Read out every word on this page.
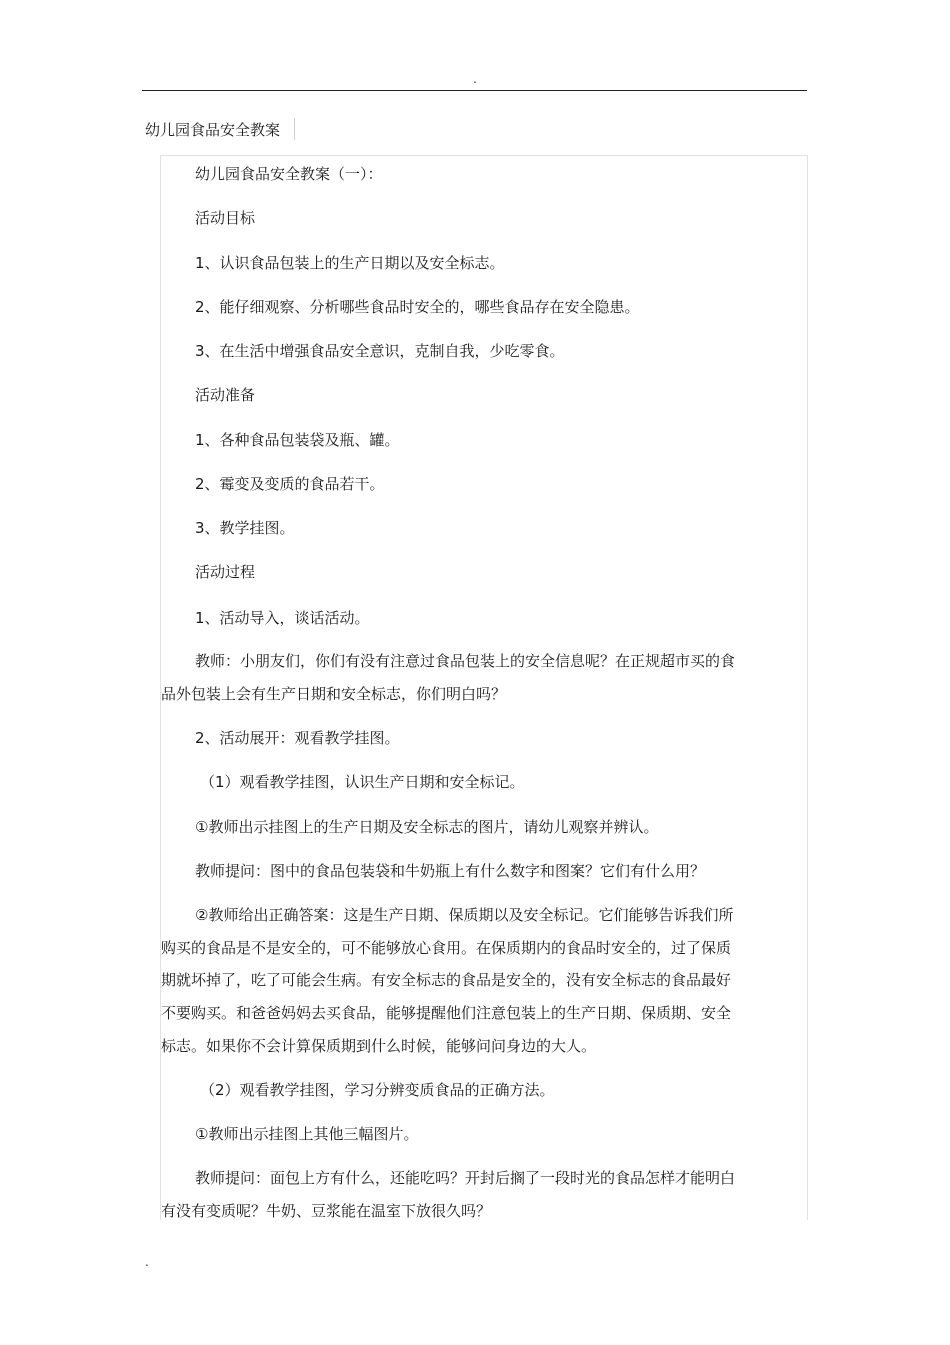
.
幼儿园食品安全教案
幼儿园食品安全教案（一）：
活动目标
1、认识食品包装上的生产日期以及安全标志。
2、能仔细观察、分析哪些食品时安全的，哪些食品存在安全隐患。
3、在生活中增强食品安全意识，克制自我，少吃零食。
活动准备
1、各种食品包装袋及瓶、罐。
2、霉变及变质的食品若干。
3、教学挂图。
活动过程
1、活动导入，谈话活动。
教师：小朋友们，你们有没有注意过食品包装上的安全信息呢？在正规超市买的食
品外包装上会有生产日期和安全标志，你们明白吗？
2、活动展开：观看教学挂图。
（1）观看教学挂图，认识生产日期和安全标记。
①教师出示挂图上的生产日期及安全标志的图片，请幼儿观察并辨认。
教师提问：图中的食品包装袋和牛奶瓶上有什么数字和图案？它们有什么用？
②教师给出正确答案：这是生产日期、保质期以及安全标记。它们能够告诉我们所
购买的食品是不是安全的，可不能够放心食用。在保质期内的食品时安全的，过了保质
期就坏掉了，吃了可能会生病。有安全标志的食品是安全的，没有安全标志的食品最好
不要购买。和爸爸妈妈去买食品，能够提醒他们注意包装上的生产日期、保质期、安全
标志。如果你不会计算保质期到什么时候，能够问问身边的大人。
（2）观看教学挂图，学习分辨变质食品的正确方法。
①教师出示挂图上其他三幅图片。
教师提问：面包上方有什么，还能吃吗？开封后搁了一段时光的食品怎样才能明白
有没有变质呢？牛奶、豆浆能在温室下放很久吗？
.
